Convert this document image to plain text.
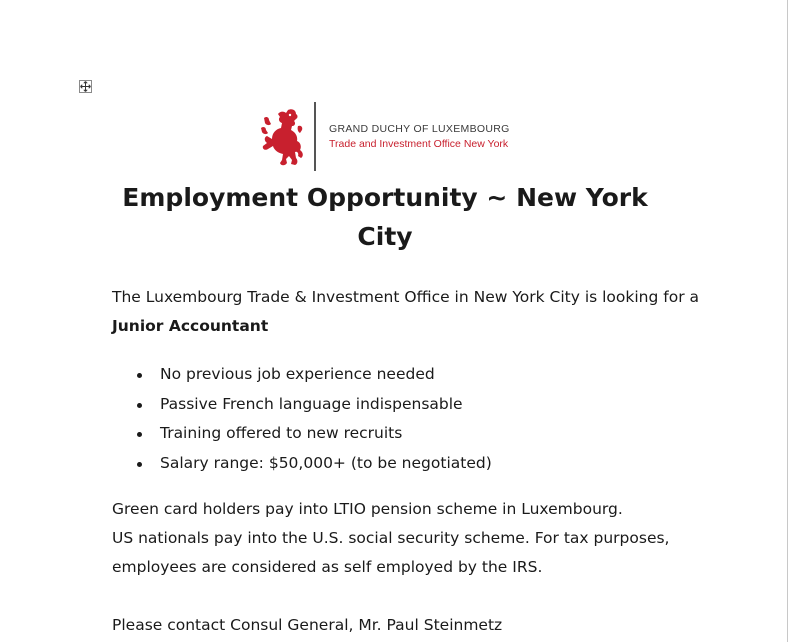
GRAND DUCHY OF LUXEMBOURG
Trade and Investment Office New York
Employment Opportunity ~ New York
City
The Luxembourg Trade & Investment Office in New York City is looking for a
Junior Accountant
No previous job experience needed
Passive French language indispensable
Training offered to new recruits
Salary range: $50,000+ (to be negotiated)
Green card holders pay into LTIO pension scheme in Luxembourg.
US nationals pay into the U.S. social security scheme. For tax purposes,
employees are considered as self employed by the IRS.
Please contact Consul General, Mr. Paul Steinmetz
